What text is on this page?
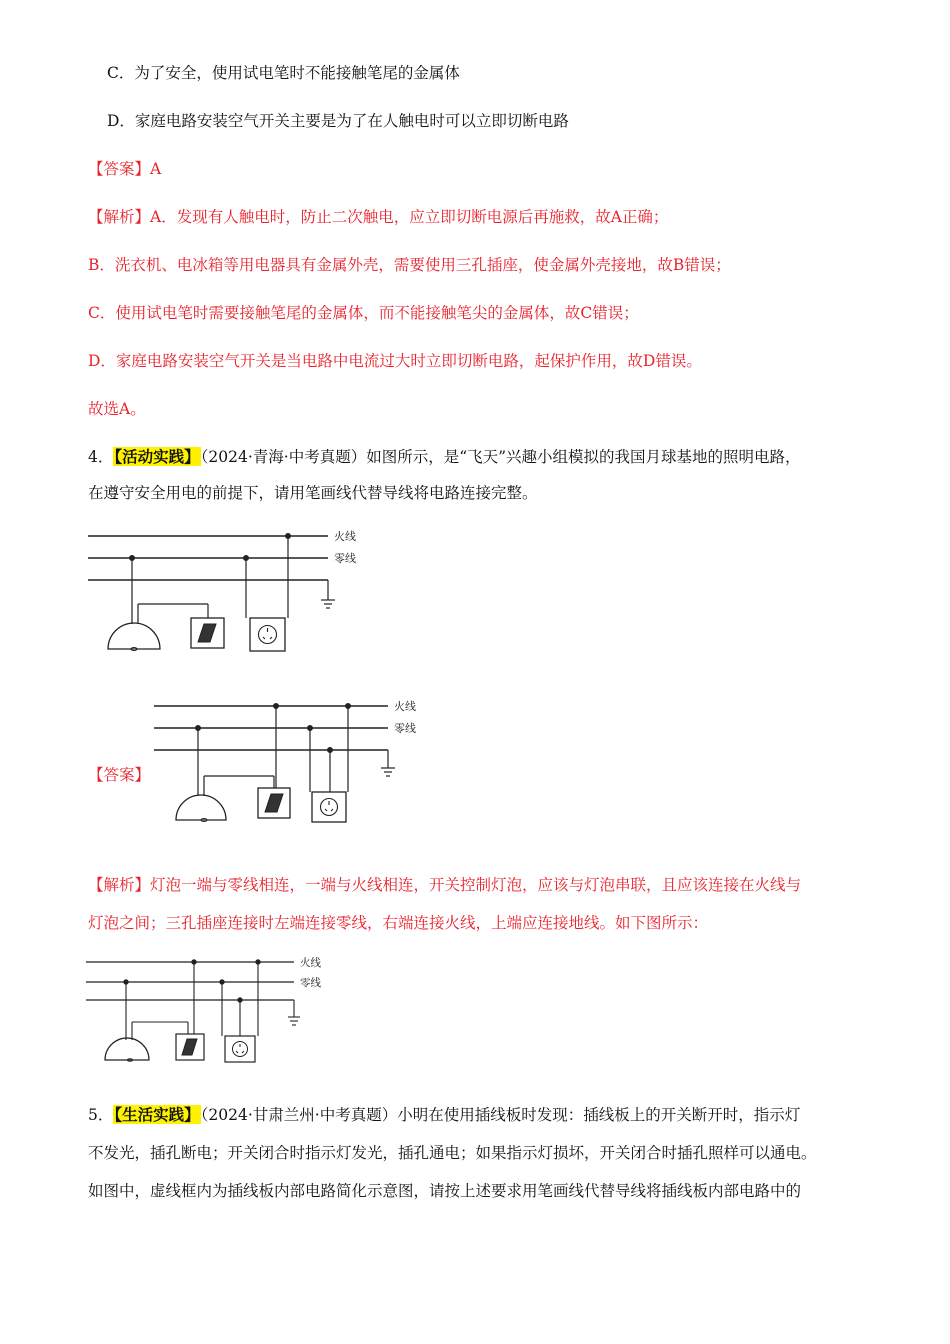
C．为了安全，使用试电笔时不能接触笔尾的金属体
D．家庭电路安装空气开关主要是为了在人触电时可以立即切断电路
【答案】A
【解析】A．发现有人触电时，防止二次触电，应立即切断电源后再施救，故A正确；
B．洗衣机、电冰箱等用电器具有金属外壳，需要使用三孔插座，使金属外壳接地，故B错误；
C．使用试电笔时需要接触笔尾的金属体，而不能接触笔尖的金属体，故C错误；
D．家庭电路安装空气开关是当电路中电流过大时立即切断电路，起保护作用，故D错误。
故选A。
4．【活动实践】（2024·青海·中考真题）如图所示，是“飞天”兴趣小组模拟的我国月球基地的照明电路，
在遵守安全用电的前提下，请用笔画线代替导线将电路连接完整。
火线
零线
【答案】
火线
零线
【解析】灯泡一端与零线相连，一端与火线相连，开关控制灯泡，应该与灯泡串联，且应该连接在火线与
灯泡之间；三孔插座连接时左端连接零线，右端连接火线，上端应连接地线。如下图所示：
火线
零线
5．【生活实践】（2024·甘肃兰州·中考真题）小明在使用插线板时发现：插线板上的开关断开时，指示灯
不发光，插孔断电；开关闭合时指示灯发光，插孔通电；如果指示灯损坏，开关闭合时插孔照样可以通电。
如图中，虚线框内为插线板内部电路简化示意图，请按上述要求用笔画线代替导线将插线板内部电路中的
